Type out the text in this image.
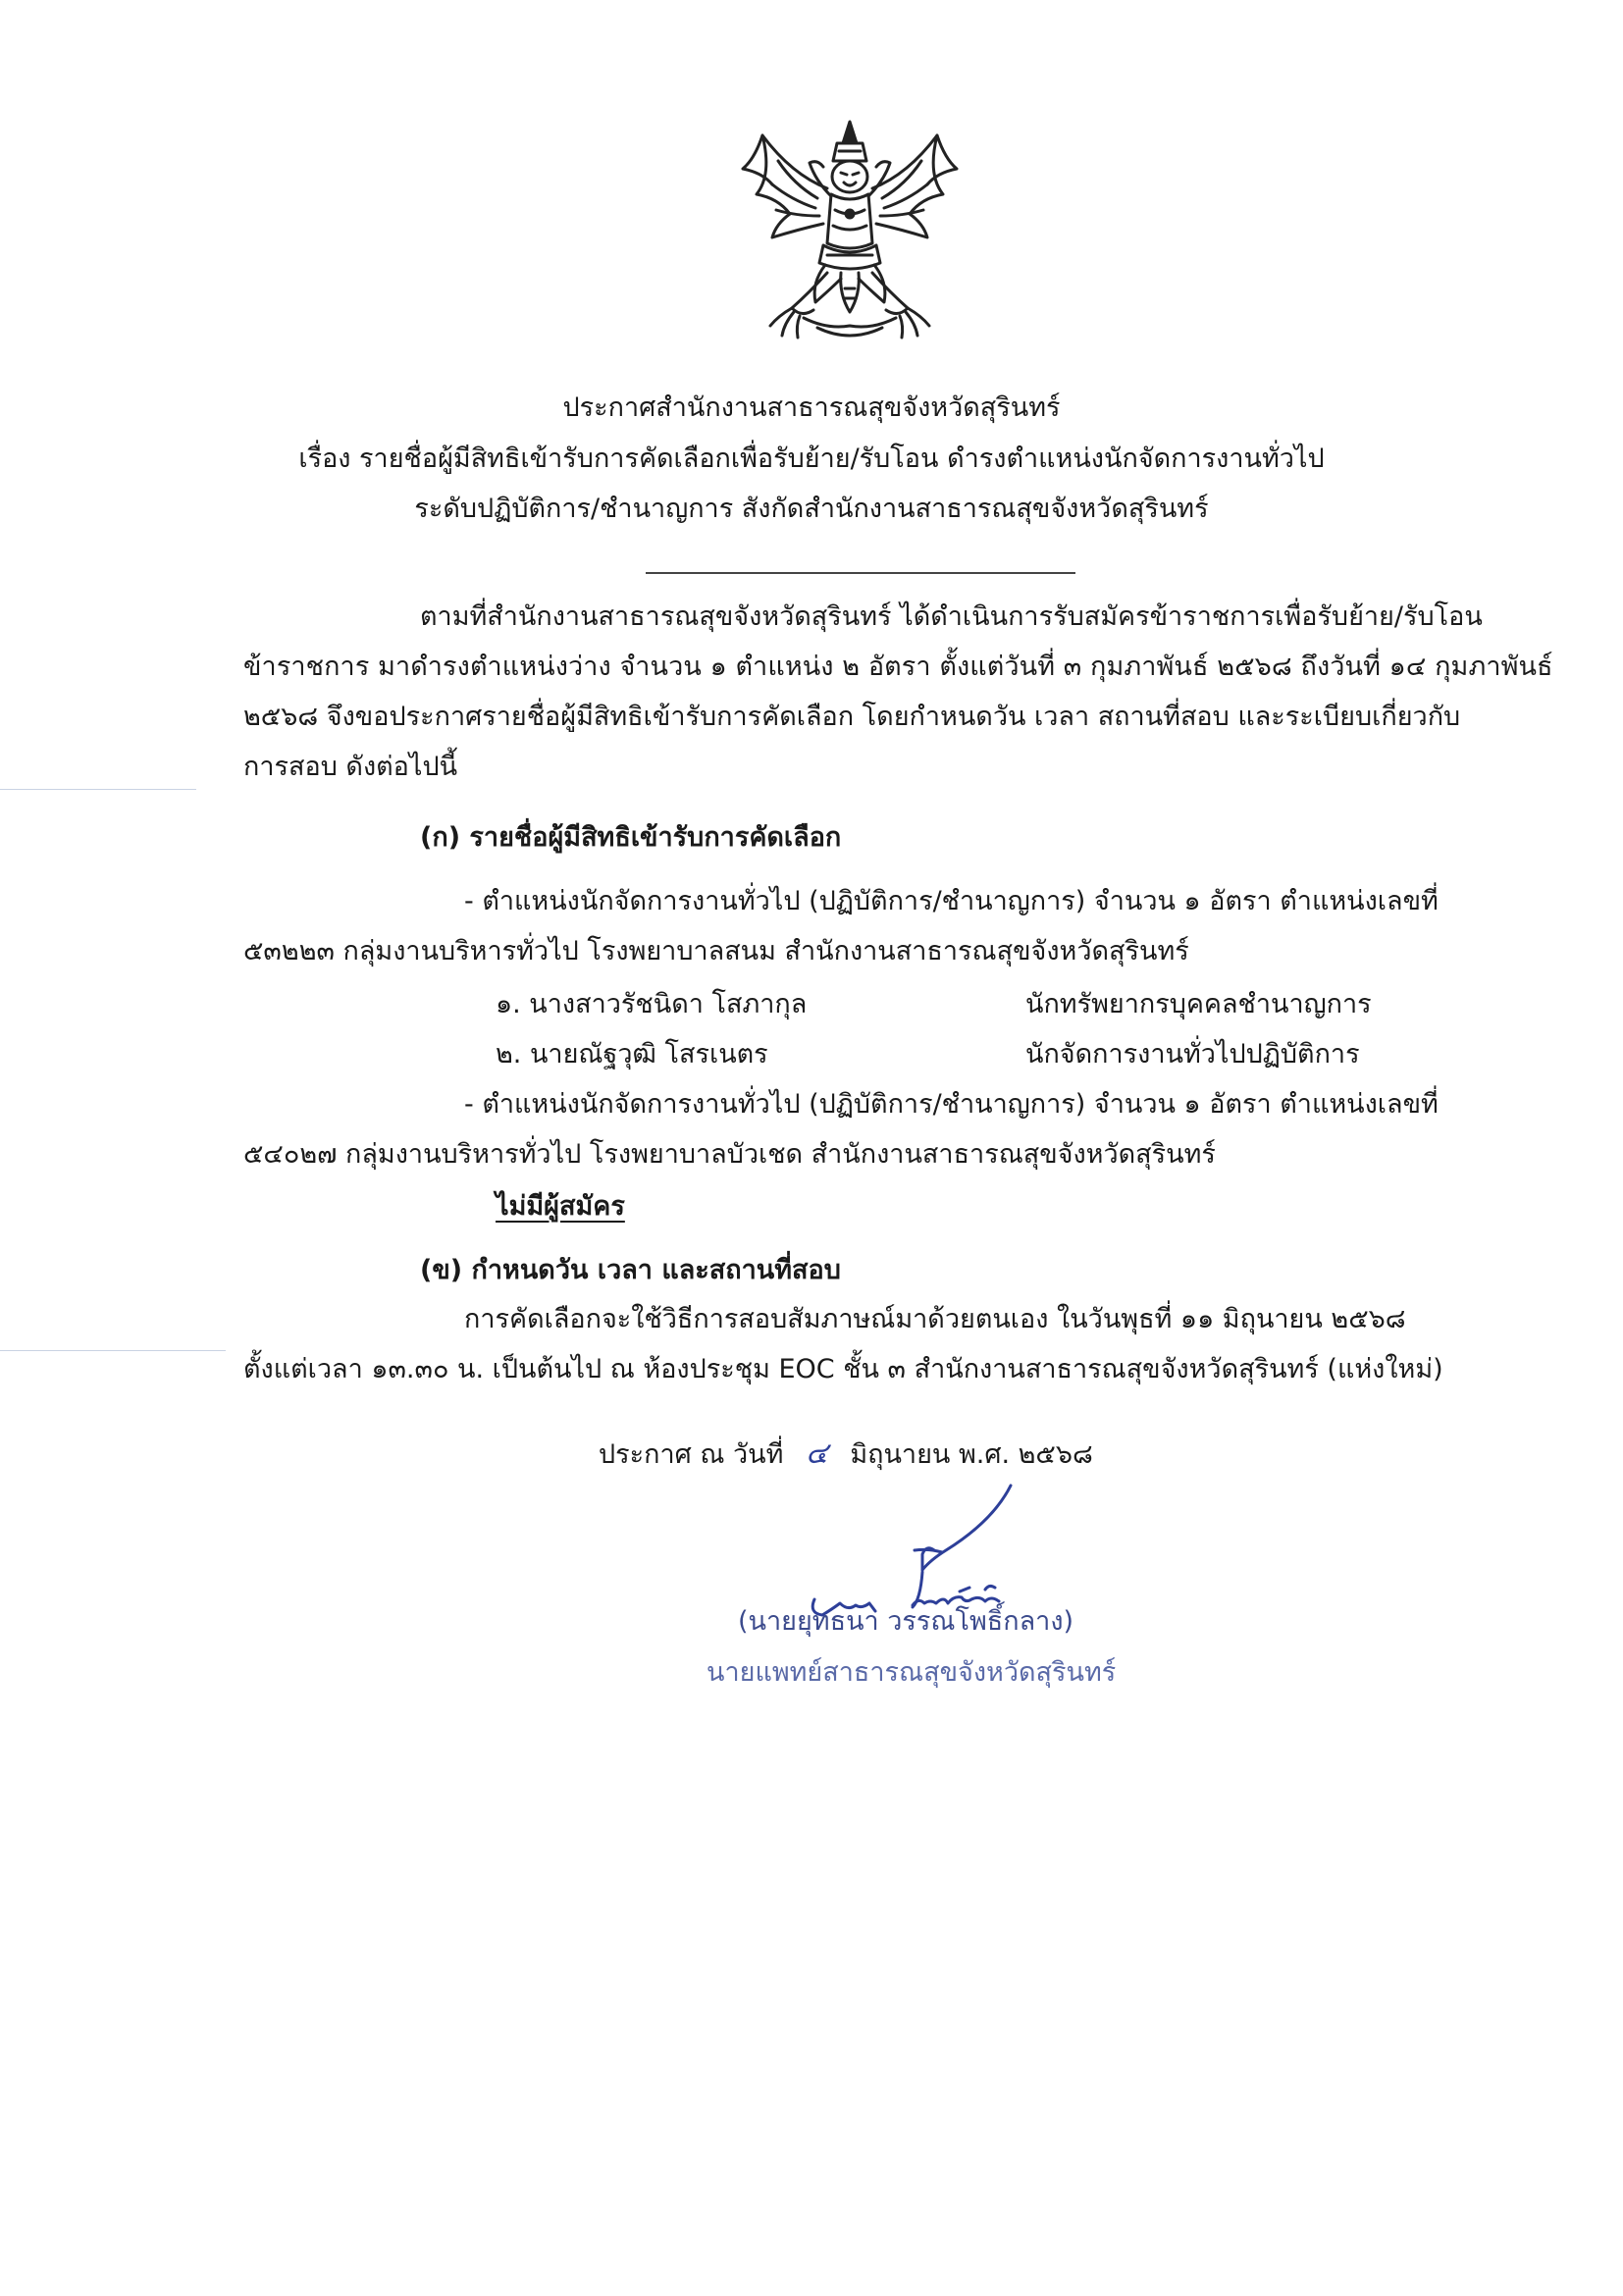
ประกาศสำนักงานสาธารณสุขจังหวัดสุรินทร์
เรื่อง รายชื่อผู้มีสิทธิเข้ารับการคัดเลือกเพื่อรับย้าย/รับโอน ดำรงตำแหน่งนักจัดการงานทั่วไป
ระดับปฏิบัติการ/ชำนาญการ สังกัดสำนักงานสาธารณสุขจังหวัดสุรินทร์
ตามที่สำนักงานสาธารณสุขจังหวัดสุรินทร์ ได้ดำเนินการรับสมัครข้าราชการเพื่อรับย้าย/รับโอน
ข้าราชการ มาดำรงตำแหน่งว่าง จำนวน ๑ ตำแหน่ง ๒ อัตรา ตั้งแต่วันที่ ๓ กุมภาพันธ์ ๒๕๖๘ ถึงวันที่ ๑๔ กุมภาพันธ์
๒๕๖๘ จึงขอประกาศรายชื่อผู้มีสิทธิเข้ารับการคัดเลือก โดยกำหนดวัน เวลา สถานที่สอบ และระเบียบเกี่ยวกับ
การสอบ ดังต่อไปนี้
(ก) รายชื่อผู้มีสิทธิเข้ารับการคัดเลือก
- ตำแหน่งนักจัดการงานทั่วไป (ปฏิบัติการ/ชำนาญการ) จำนวน ๑ อัตรา ตำแหน่งเลขที่
๕๓๒๒๓ กลุ่มงานบริหารทั่วไป โรงพยาบาลสนม สำนักงานสาธารณสุขจังหวัดสุรินทร์
๑. นางสาวรัชนิดา โสภากุล	นักทรัพยากรบุคคลชำนาญการ
๒. นายณัฐวุฒิ โสรเนตร	นักจัดการงานทั่วไปปฏิบัติการ
- ตำแหน่งนักจัดการงานทั่วไป (ปฏิบัติการ/ชำนาญการ) จำนวน ๑ อัตรา ตำแหน่งเลขที่
๕๔๐๒๗ กลุ่มงานบริหารทั่วไป โรงพยาบาลบัวเชด สำนักงานสาธารณสุขจังหวัดสุรินทร์
ไม่มีผู้สมัคร
(ข) กำหนดวัน เวลา และสถานที่สอบ
การคัดเลือกจะใช้วิธีการสอบสัมภาษณ์มาด้วยตนเอง ในวันพุธที่ ๑๑ มิถุนายน ๒๕๖๘
ตั้งแต่เวลา ๑๓.๓๐ น. เป็นต้นไป ณ ห้องประชุม EOC ชั้น ๓ สำนักงานสาธารณสุขจังหวัดสุรินทร์ (แห่งใหม่)
ประกาศ ณ วันที่ ๔ มิถุนายน พ.ศ. ๒๕๖๘
(นายยุทธนา วรรณโพธิ์กลาง)
นายแพทย์สาธารณสุขจังหวัดสุรินทร์
